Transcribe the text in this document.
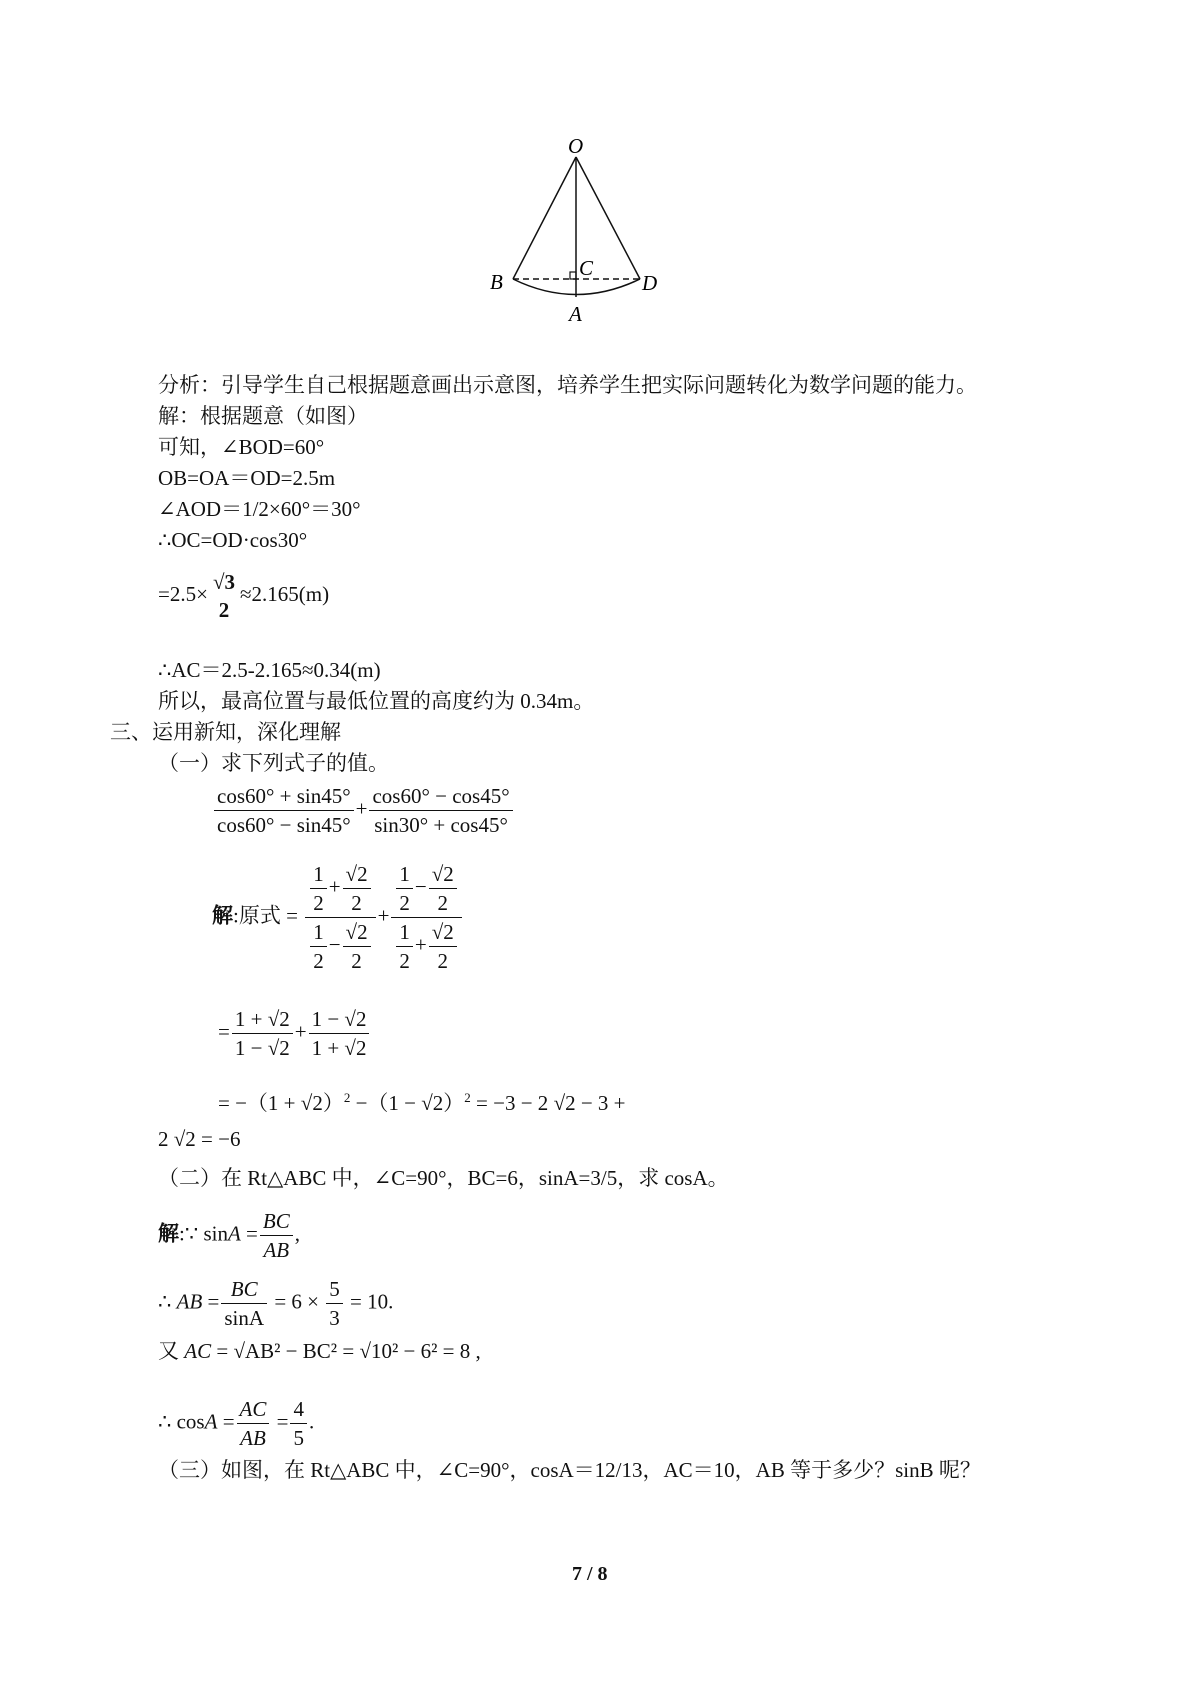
O
B
C
D
A
分析：引导学生自己根据题意画出示意图，培养学生把实际问题转化为数学问题的能力。
解：根据题意（如图）
可知，∠BOD=60°
OB=OA＝OD=2.5m
∠AOD＝1/2×60°＝30°
∴OC=OD·cos30°
=2.5× √3
2
≈2.165(m)
∴AC＝2.5-2.165≈0.34(m)
所以，最高位置与最低位置的高度约为 0.34m。
三、运用新知，深化理解
（一）求下列式子的值。
$\frac{\cos 60^\circ + \sin 45^\circ}{\cos 60^\circ - \sin 45^\circ} + \frac{\cos 60^\circ - \cos 45^\circ}{\sin 30^\circ + \cos 45^\circ}$
解:原式 = $\frac{\frac{1}{2} + \frac{√2}{2}}{\frac{1}{2} - \frac{√2}{2}} + \frac{\frac{1}{2} - \frac{√2}{2}}{\frac{1}{2} + \frac{√2}{2}}$
= $\frac{1 + √2}{1 - √2} + \frac{1 - √2}{1 + √2}$
= $-(1 + √2)^2 -(1 - √2)^2 = -3 - 2$ √2 − 3 +
2 √2 = −6
（二）在 Rt△ABC 中，∠C=90°，BC=6，sinA=3/5，求 cosA。
解:∵ $\sin A = \frac{BC}{AB}$ ,
∴ AB = $\frac{BC}{\sin A} = 6 \times \frac{5}{3} = 10$.
又 AC = √AB² − BC² = √10² − 6² = 8 ,
∴ $\cos A = \frac{AC}{AB} = \frac{4}{5}$ .
（三）如图，在 Rt△ABC 中，∠C=90°，cosA＝12/13，AC＝10，AB 等于多少？sinB 呢？
7 / 8
